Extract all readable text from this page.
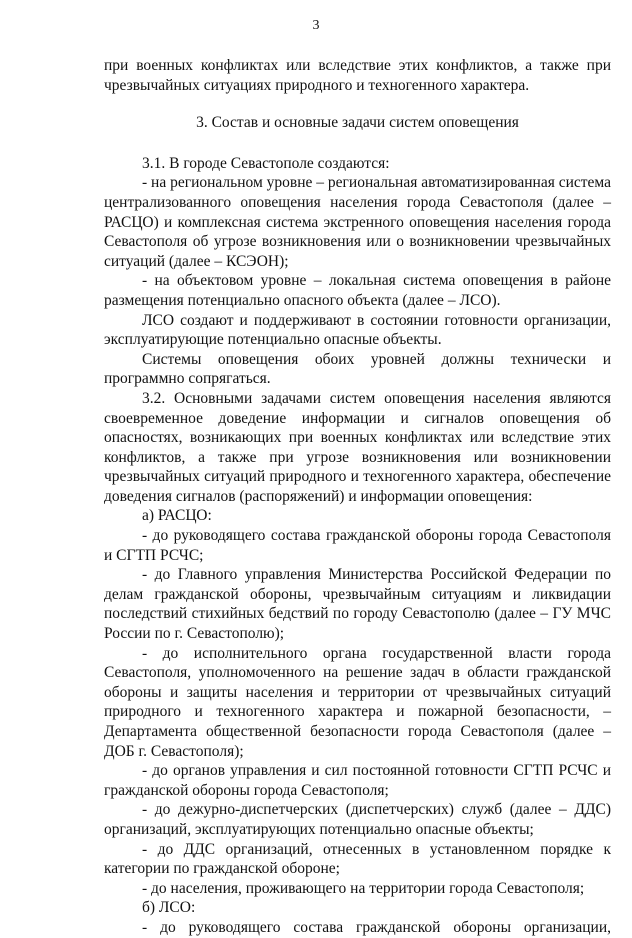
3

при военных конфликтах или вследствие этих конфликтов, а также при чрезвычайных ситуациях природного и техногенного характера.

3. Состав и основные задачи систем оповещения

3.1. В городе Севастополе создаются:

- на региональном уровне – региональная автоматизированная система централизованного оповещения населения города Севастополя (далее – РАСЦО) и комплексная система экстренного оповещения населения города Севастополя об угрозе возникновения или о возникновении чрезвычайных ситуаций (далее – КСЭОН);

- на объектовом уровне – локальная система оповещения в районе размещения потенциально опасного объекта (далее – ЛСО).

ЛСО создают и поддерживают в состоянии готовности организации, эксплуатирующие потенциально опасные объекты.

Системы оповещения обоих уровней должны технически и программно сопрягаться.

3.2. Основными задачами систем оповещения населения являются своевременное доведение информации и сигналов оповещения об опасностях, возникающих при военных конфликтах или вследствие этих конфликтов, а также при угрозе возникновения или возникновении чрезвычайных ситуаций природного и техногенного характера, обеспечение доведения сигналов (распоряжений) и информации оповещения:

а) РАСЦО:

- до руководящего состава гражданской обороны города Севастополя и СГТП РСЧС;

- до Главного управления Министерства Российской Федерации по делам гражданской обороны, чрезвычайным ситуациям и ликвидации последствий стихийных бедствий по городу Севастополю (далее – ГУ МЧС России по г. Севастополю);

- до исполнительного органа государственной власти города Севастополя, уполномоченного на решение задач в области гражданской обороны и защиты населения и территории от чрезвычайных ситуаций природного и техногенного характера и пожарной безопасности, – Департамента общественной безопасности города Севастополя (далее – ДОБ г. Севастополя);

- до органов управления и сил постоянной готовности СГТП РСЧС и гражданской обороны города Севастополя;

- до дежурно-диспетчерских (диспетчерских) служб (далее – ДДС) организаций, эксплуатирующих потенциально опасные объекты;

- до ДДС организаций, отнесенных в установленном порядке к категории по гражданской обороне;

- до населения, проживающего на территории города Севастополя;

б) ЛСО:

- до руководящего состава гражданской обороны организации,
